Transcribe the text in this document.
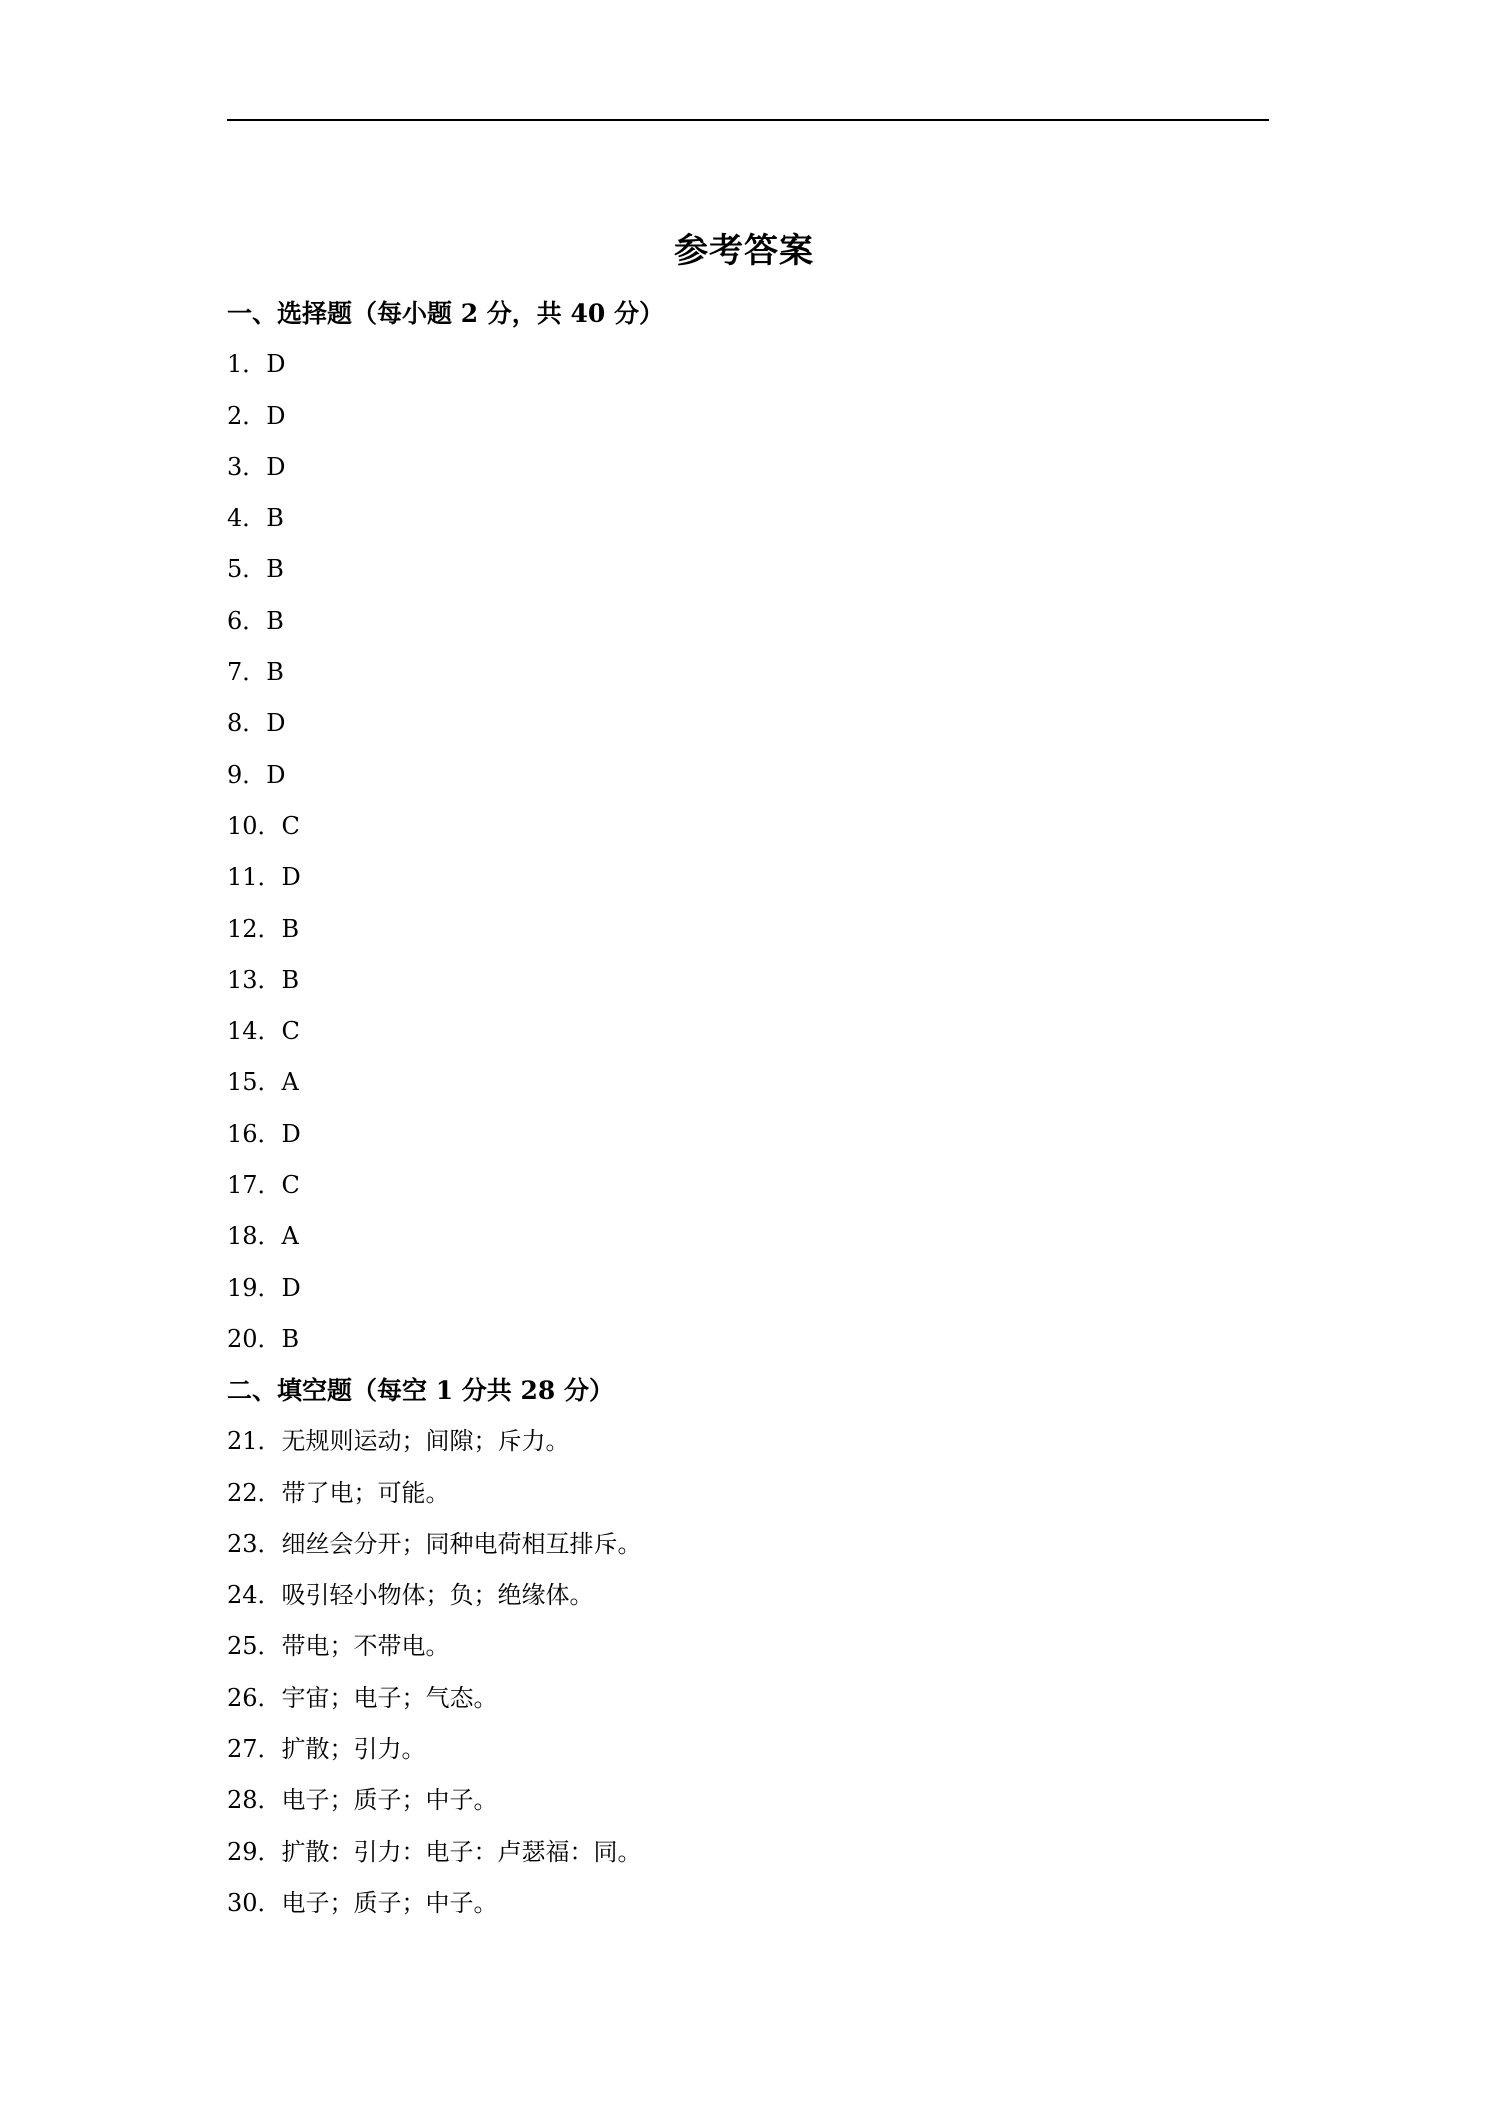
参考答案
一、选择题（每小题 2 分，共 40 分）
1．D
2．D
3．D
4．B
5．B
6．B
7．B
8．D
9．D
10．C
11．D
12．B
13．B
14．C
15．A
16．D
17．C
18．A
19．D
20．B
二、填空题（每空 1 分共 28 分）
21．无规则运动；间隙；斥力。
22．带了电；可能。
23．细丝会分开；同种电荷相互排斥。
24．吸引轻小物体；负；绝缘体。
25．带电；不带电。
26．宇宙；电子；气态。
27．扩散；引力。
28．电子；质子；中子。
29．扩散：引力：电子：卢瑟福：同。
30．电子；质子；中子。
